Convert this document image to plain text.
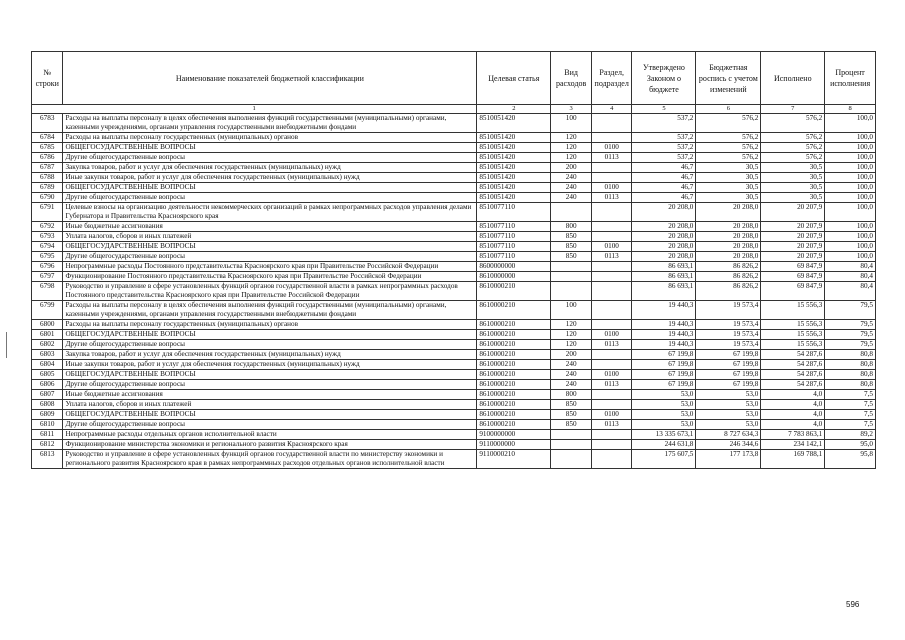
№ строки	Наименование показателей бюджетной классификации	Целевая статья	Вид расходов	Раздел, подраздел	Утверждено Законом о бюджете	Бюджетная роспись с учетом изменений	Исполнено	Процент исполнения
1		2	3	4	5	6	7	8
6783	Расходы на выплаты персоналу в целях обеспечения выполнения функций государственными (муниципальными) органами, казенными учреждениями, органами управления государственными внебюджетными фондами	8510051420	100		537,2	576,2	576,2	100,0
6784	Расходы на выплаты персоналу государственных (муниципальных) органов	8510051420	120		537,2	576,2	576,2	100,0
6785	ОБЩЕГОСУДАРСТВЕННЫЕ ВОПРОСЫ	8510051420	120	0100	537,2	576,2	576,2	100,0
6786	Другие общегосударственные вопросы	8510051420	120	0113	537,2	576,2	576,2	100,0
6787	Закупка товаров, работ и услуг для обеспечения государственных (муниципальных) нужд	8510051420	200		46,7	30,5	30,5	100,0
6788	Иные закупки товаров, работ и услуг для обеспечения государственных (муниципальных) нужд	8510051420	240		46,7	30,5	30,5	100,0
6789	ОБЩЕГОСУДАРСТВЕННЫЕ ВОПРОСЫ	8510051420	240	0100	46,7	30,5	30,5	100,0
6790	Другие общегосударственные вопросы	8510051420	240	0113	46,7	30,5	30,5	100,0
6791	Целевые взносы на организацию деятельности некоммерческих организаций в рамках непрограммных расходов управления делами Губернатора и Правительства Красноярского края	8510077110			20 208,0	20 208,0	20 207,9	100,0
6792	Иные бюджетные ассигнования	8510077110	800		20 208,0	20 208,0	20 207,9	100,0
6793	Уплата налогов, сборов и иных платежей	8510077110	850		20 208,0	20 208,0	20 207,9	100,0
6794	ОБЩЕГОСУДАРСТВЕННЫЕ ВОПРОСЫ	8510077110	850	0100	20 208,0	20 208,0	20 207,9	100,0
6795	Другие общегосударственные вопросы	8510077110	850	0113	20 208,0	20 208,0	20 207,9	100,0
6796	Непрограммные расходы Постоянного представительства Красноярского края при Правительстве Российской Федерации	8600000000			86 693,1	86 826,2	69 847,9	80,4
6797	Функционирование Постоянного представительства Красноярского края при Правительстве Российской Федерации	8610000000			86 693,1	86 826,2	69 847,9	80,4
6798	Руководство и управление в сфере установленных функций органов государственной власти в рамках непрограммных расходов Постоянного представительства Красноярского края при Правительстве Российской Федерации	8610000210			86 693,1	86 826,2	69 847,9	80,4
6799	Расходы на выплаты персоналу в целях обеспечения выполнения функций государственными (муниципальными) органами, казенными учреждениями, органами управления государственными внебюджетными фондами	8610000210	100		19 440,3	19 573,4	15 556,3	79,5
6800	Расходы на выплаты персоналу государственных (муниципальных) органов	8610000210	120		19 440,3	19 573,4	15 556,3	79,5
6801	ОБЩЕГОСУДАРСТВЕННЫЕ ВОПРОСЫ	8610000210	120	0100	19 440,3	19 573,4	15 556,3	79,5
6802	Другие общегосударственные вопросы	8610000210	120	0113	19 440,3	19 573,4	15 556,3	79,5
6803	Закупка товаров, работ и услуг для обеспечения государственных (муниципальных) нужд	8610000210	200		67 199,8	67 199,8	54 287,6	80,8
6804	Иные закупки товаров, работ и услуг для обеспечения государственных (муниципальных) нужд	8610000210	240		67 199,8	67 199,8	54 287,6	80,8
6805	ОБЩЕГОСУДАРСТВЕННЫЕ ВОПРОСЫ	8610000210	240	0100	67 199,8	67 199,8	54 287,6	80,8
6806	Другие общегосударственные вопросы	8610000210	240	0113	67 199,8	67 199,8	54 287,6	80,8
6807	Иные бюджетные ассигнования	8610000210	800		53,0	53,0	4,0	7,5
6808	Уплата налогов, сборов и иных платежей	8610000210	850		53,0	53,0	4,0	7,5
6809	ОБЩЕГОСУДАРСТВЕННЫЕ ВОПРОСЫ	8610000210	850	0100	53,0	53,0	4,0	7,5
6810	Другие общегосударственные вопросы	8610000210	850	0113	53,0	53,0	4,0	7,5
6811	Непрограммные расходы отдельных органов исполнительной власти	9100000000			13 335 673,1	8 727 634,3	7 783 863,1	89,2
6812	Функционирование министерства экономики и регионального развития Красноярского края	9110000000			244 631,8	246 344,6	234 142,1	95,0
6813	Руководство и управление в сфере установленных функций органов государственной власти по министерству экономики и регионального развития Красноярского края в рамках непрограммных расходов отдельных органов исполнительной власти	9110000210			175 607,5	177 173,8	169 788,1	95,8
596
